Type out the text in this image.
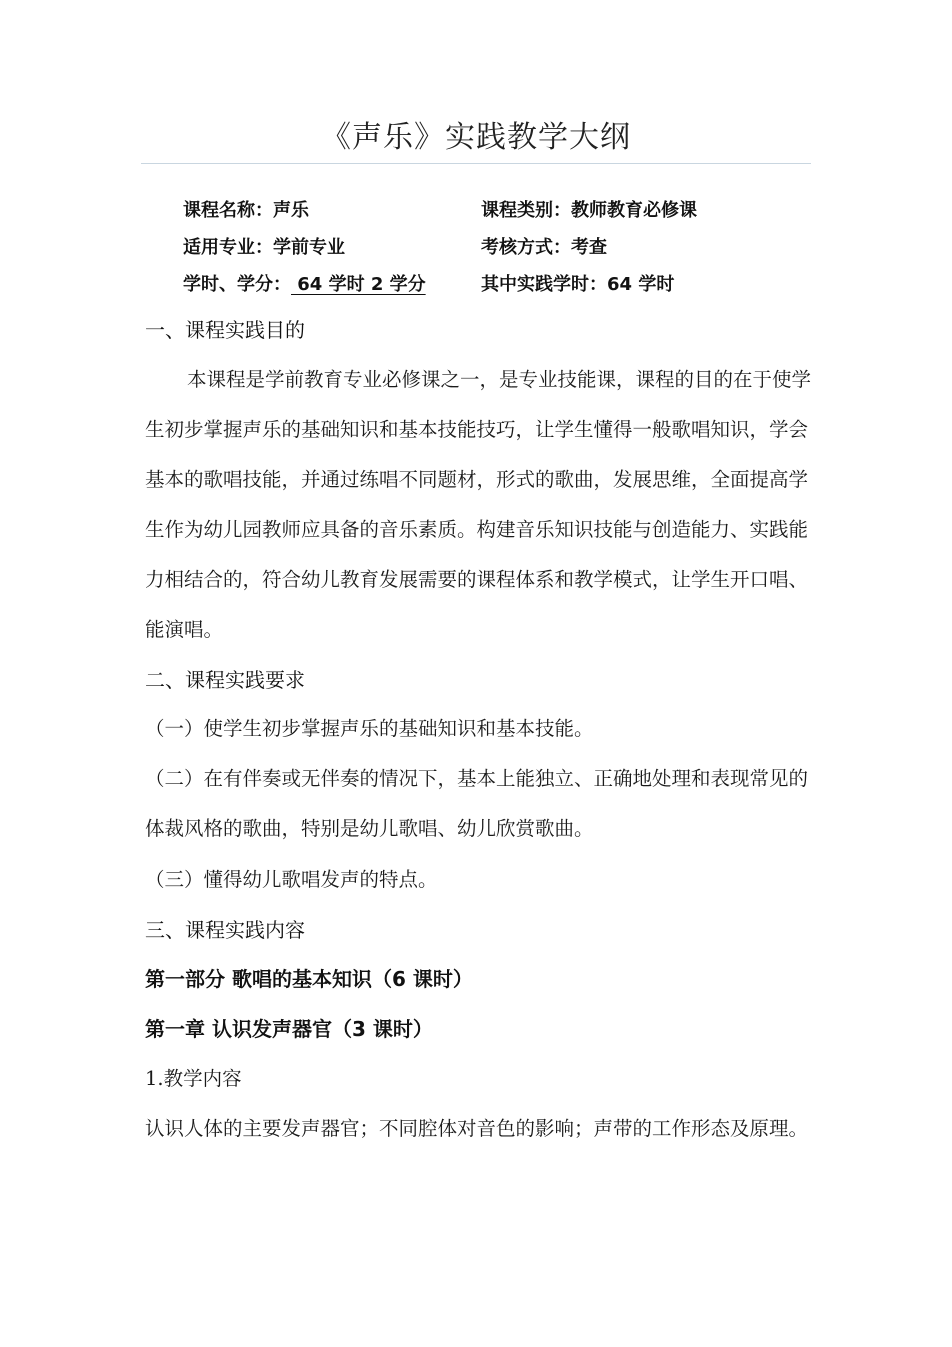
《声乐》实践教学大纲
课程名称：声乐	课程类别：教师教育必修课
适用专业：学前专业	考核方式：考查
学时、学分： 64 学时 2 学分	其中实践学时：64 学时
一、课程实践目的

本课程是学前教育专业必修课之一，是专业技能课，课程的目的在于使学生初步掌握声乐的基础知识和基本技能技巧，让学生懂得一般歌唱知识，学会基本的歌唱技能，并通过练唱不同题材，形式的歌曲，发展思维，全面提高学生作为幼儿园教师应具备的音乐素质。构建音乐知识技能与创造能力、实践能力相结合的，符合幼儿教育发展需要的课程体系和教学模式，让学生开口唱、能演唱。

二、课程实践要求
（一）使学生初步掌握声乐的基础知识和基本技能。

（二）在有伴奏或无伴奏的情况下，基本上能独立、正确地处理和表现常见的体裁风格的歌曲，特别是幼儿歌唱、幼儿欣赏歌曲。

（三）懂得幼儿歌唱发声的特点。
三、课程实践内容
第一部分 歌唱的基本知识（6 课时）
第一章 认识发声器官（3 课时）
1.教学内容

认识人体的主要发声器官；不同腔体对音色的影响；声带的工作形态及原理。
